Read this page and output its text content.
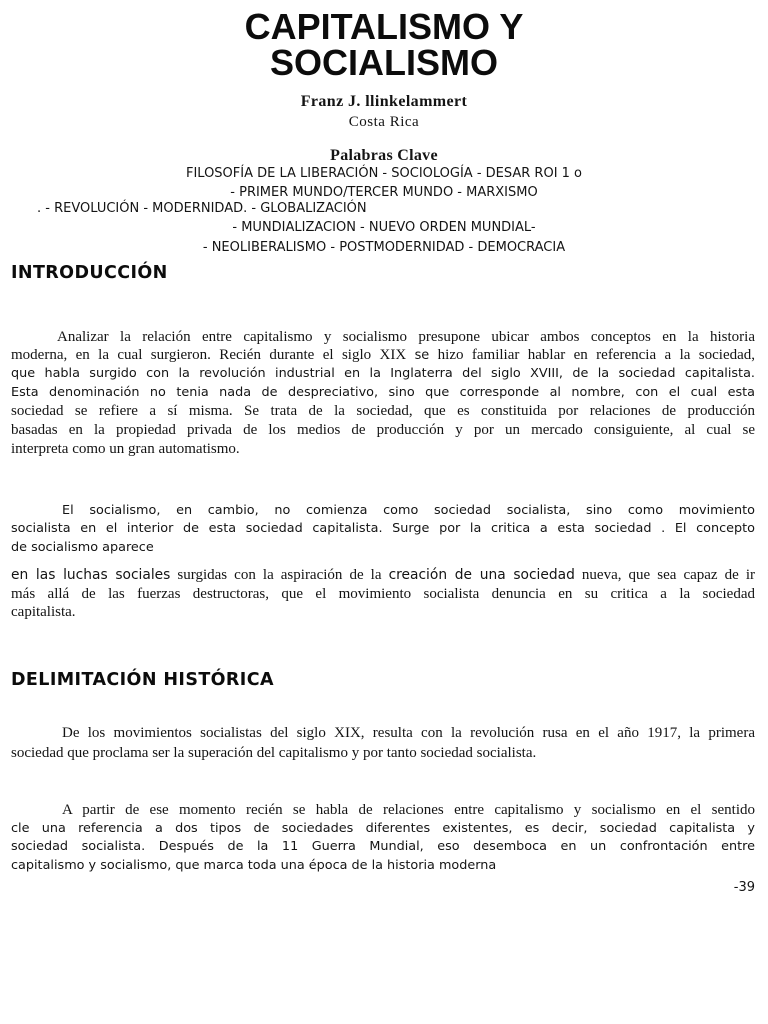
CAPITALISMO Y
SOCIALISMO
Franz J. llinkelammert
Costa Rica
Palabras Clave
FILOSOFÍA DE LA LIBERACIÓN - SOCIOLOGÍA - DESAR ROI 1 o
- PRIMER MUNDO/TERCER MUNDO - MARXISMO
. - REVOLUCIÓN - MODERNIDAD. - GLOBALIZACIÓN
- MUNDIALIZACION - NUEVO ORDEN MUNDIAL-
- NEOLIBERALISMO - POSTMODERNIDAD - DEMOCRACIA
INTRODUCCIÓN
Analizar la relación entre capitalismo y socialismo presupone ubicar ambos conceptos en la historia
moderna, en la cual surgieron. Recién durante el siglo XIX se hizo familiar hablar en referencia a la sociedad,
que habla surgido con la revolución industrial en la Inglaterra del siglo XVIII, de la sociedad capitalista.
Esta denominación no tenia nada de despreciativo, sino que corresponde al nombre, con el cual esta
sociedad se refiere a sí misma. Se trata de la sociedad, que es constituida por relaciones de producción
basadas en la propiedad privada de los medios de producción y por un mercado consiguiente, al cual se
interpreta como un gran automatismo.
El socialismo, en cambio, no comienza como sociedad socialista, sino como movimiento
socialista en el interior de esta sociedad capitalista. Surge por la critica a esta sociedad . El concepto
de socialismo aparece
en las luchas sociales surgidas con la aspiración de la creación de una sociedad nueva, que sea capaz de ir
más allá de las fuerzas destructoras, que el movimiento socialista denuncia en su critica a la sociedad
capitalista.
DELIMITACIÓN HISTÓRICA
De los movimientos socialistas del siglo XIX, resulta con la revolución rusa en el año 1917, la primera
sociedad que proclama ser la superación del capitalismo y por tanto sociedad socialista.
A partir de ese momento recién se habla de relaciones entre capitalismo y socialismo en el sentido
cle una referencia a dos tipos de sociedades diferentes existentes, es decir, sociedad capitalista y
sociedad socialista. Después de la 11 Guerra Mundial, eso desemboca en un confrontación entre
capitalismo y socialismo, que marca toda una época de la historia moderna
-39
